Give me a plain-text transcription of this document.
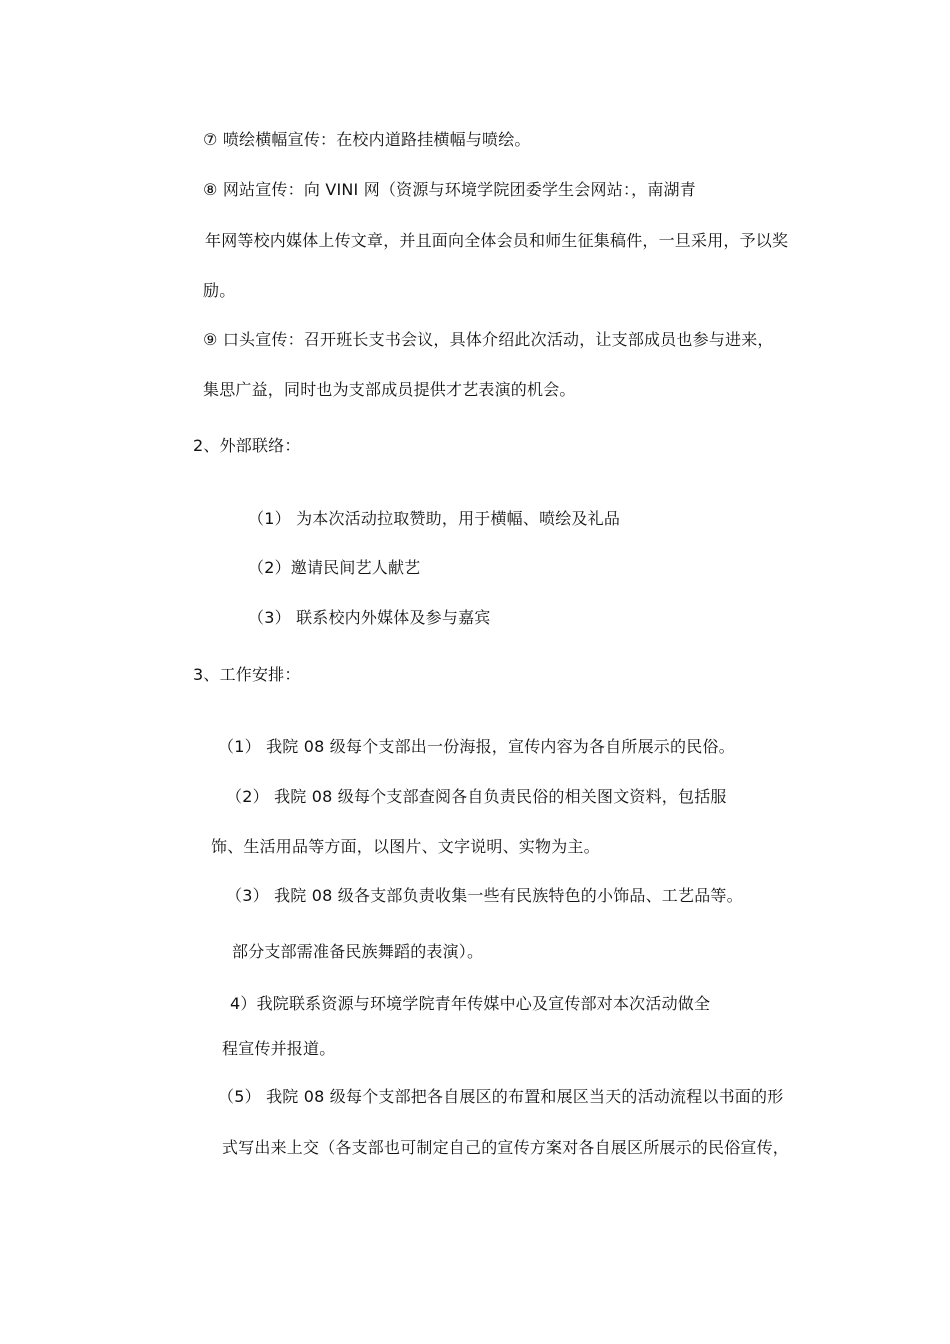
⑦ 喷绘横幅宣传：在校内道路挂横幅与喷绘。
⑧ 网站宣传：向 VINI 网（资源与环境学院团委学生会网站：，南湖青
年网等校内媒体上传文章，并且面向全体会员和师生征集稿件，一旦采用，予以奖
励。
⑨ 口头宣传：召开班长支书会议，具体介绍此次活动，让支部成员也参与进来，
集思广益，同时也为支部成员提供才艺表演的机会。
2、外部联络：
（1） 为本次活动拉取赞助，用于横幅、喷绘及礼品
（2）邀请民间艺人献艺
（3） 联系校内外媒体及参与嘉宾
3、工作安排：
（1） 我院 08 级每个支部出一份海报，宣传内容为各自所展示的民俗。
（2） 我院 08 级每个支部查阅各自负责民俗的相关图文资料，包括服
饰、生活用品等方面，以图片、文字说明、实物为主。
（3） 我院 08 级各支部负责收集一些有民族特色的小饰品、工艺品等。
部分支部需准备民族舞蹈的表演）。
4）我院联系资源与环境学院青年传媒中心及宣传部对本次活动做全
程宣传并报道。
（5） 我院 08 级每个支部把各自展区的布置和展区当天的活动流程以书面的形
式写出来上交（各支部也可制定自己的宣传方案对各自展区所展示的民俗宣传，
